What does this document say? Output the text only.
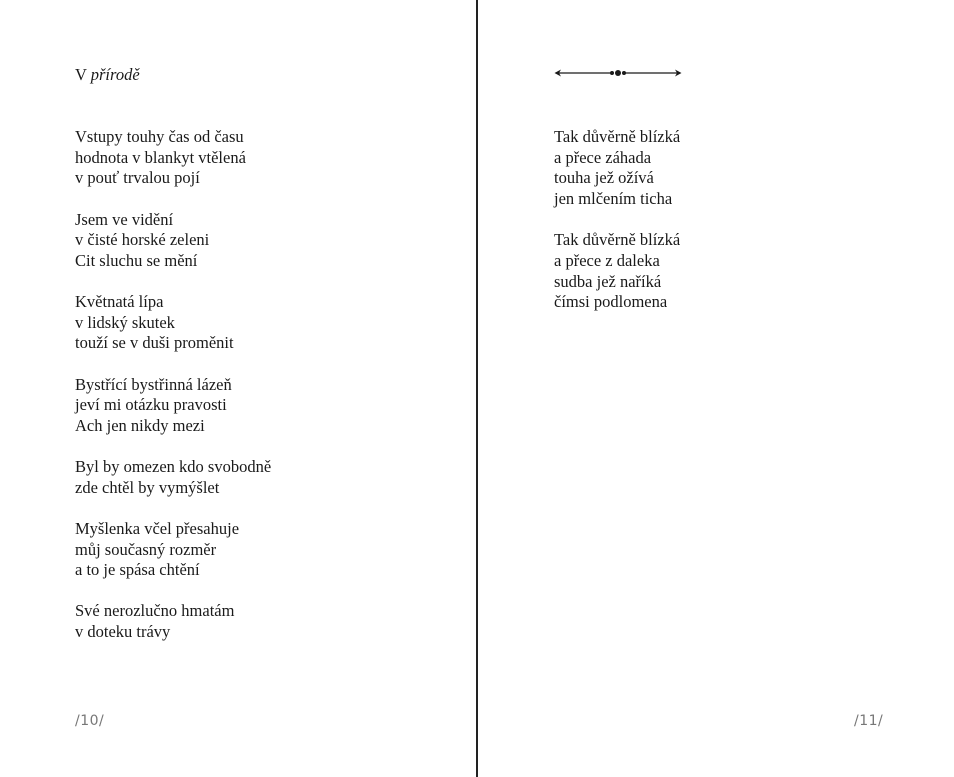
V přírodě
Vstupy touhy čas od času
hodnota v blankyt vtělená
v pouť trvalou pojí
Jsem ve vidění
v čisté horské zeleni
Cit sluchu se mění
Květnatá lípa
v lidský skutek
touží se v duši proměnit
Bystřící bystřinná lázeň
jeví mi otázku pravosti
Ach jen nikdy mezi
Byl by omezen kdo svobodně
zde chtěl by vymýšlet
Myšlenka včel přesahuje
můj současný rozměr
a to je spása chtění
Své nerozlučno hmatám
v doteku trávy
/10/
Tak důvěrně blízká
a přece záhada
touha jež ožívá
jen mlčením ticha
Tak důvěrně blízká
a přece z daleka
sudba jež naříká
čímsi podlomena
/11/
